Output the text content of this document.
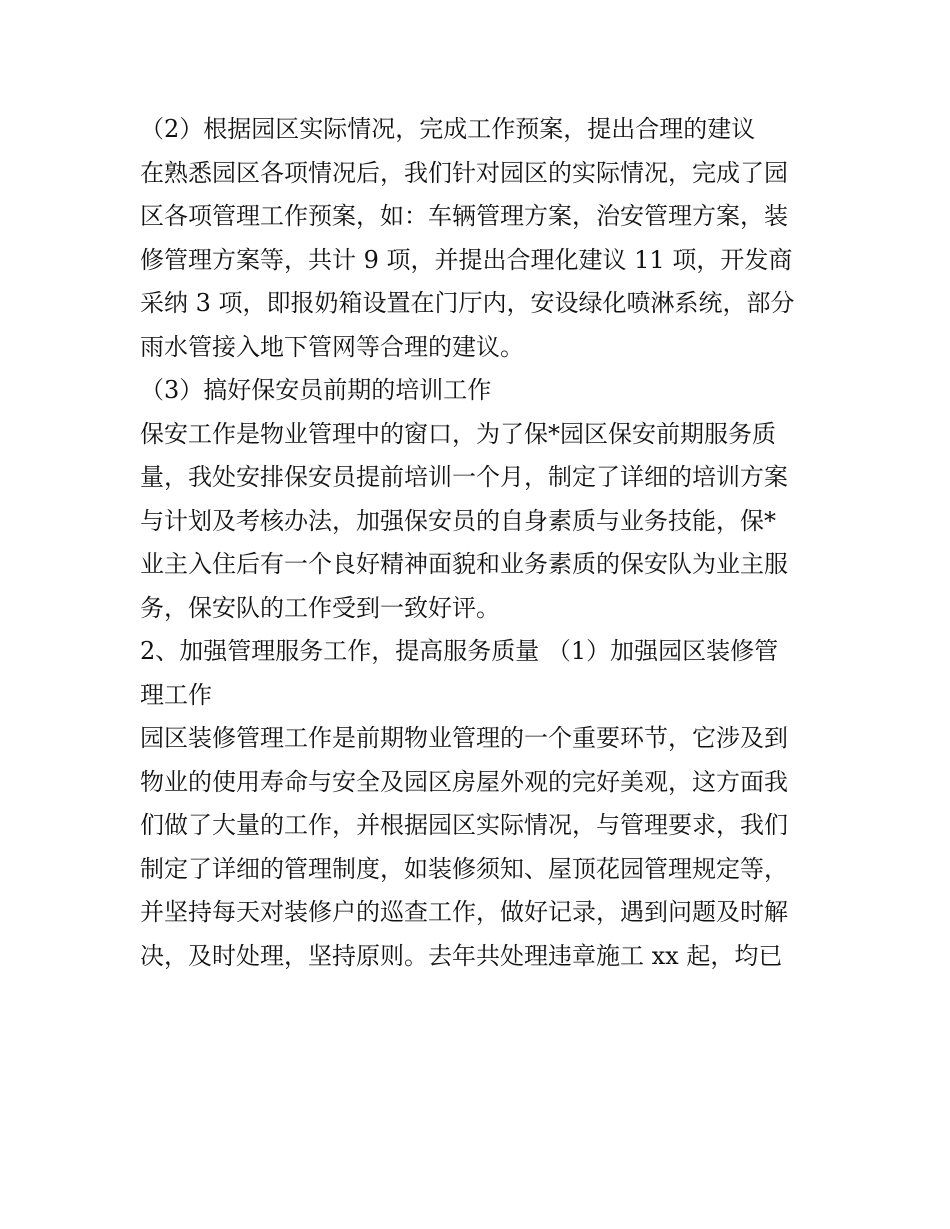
（2）根据园区实际情况，完成工作预案，提出合理的建议

在熟悉园区各项情况后，我们针对园区的实际情况，完成了园

区各项管理工作预案，如：车辆管理方案，治安管理方案，装

修管理方案等，共计 9 项，并提出合理化建议 11 项，开发商

采纳 3 项，即报奶箱设置在门厅内，安设绿化喷淋系统，部分

雨水管接入地下管网等合理的建议。

（3）搞好保安员前期的培训工作

保安工作是物业管理中的窗口，为了保*园区保安前期服务质

量，我处安排保安员提前培训一个月，制定了详细的培训方案

与计划及考核办法，加强保安员的自身素质与业务技能，保*

业主入住后有一个良好精神面貌和业务素质的保安队为业主服

务，保安队的工作受到一致好评。

2、加强管理服务工作，提高服务质量 （1）加强园区装修管

理工作

园区装修管理工作是前期物业管理的一个重要环节，它涉及到

物业的使用寿命与安全及园区房屋外观的完好美观，这方面我

们做了大量的工作，并根据园区实际情况，与管理要求，我们

制定了详细的管理制度，如装修须知、屋顶花园管理规定等，

并坚持每天对装修户的巡查工作，做好记录，遇到问题及时解

决，及时处理，坚持原则。去年共处理违章施工 xx 起，均已
